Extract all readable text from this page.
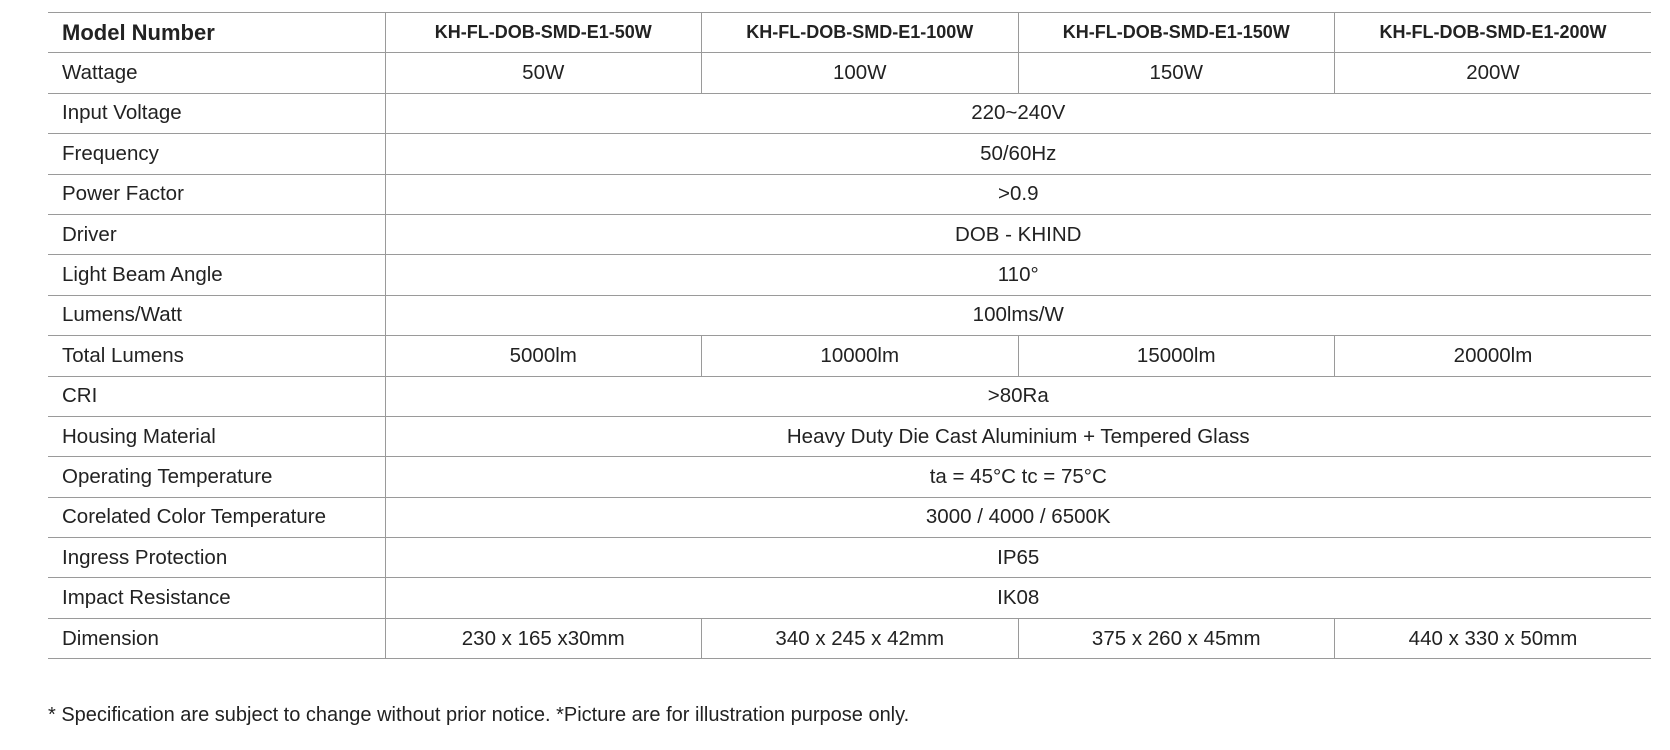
Model Number	KH-FL-DOB-SMD-E1-50W	KH-FL-DOB-SMD-E1-100W	KH-FL-DOB-SMD-E1-150W	KH-FL-DOB-SMD-E1-200W
Wattage	50W	100W	150W	200W
Input Voltage	220~240V			
Frequency	50/60Hz			
Power Factor	>0.9			
Driver	DOB - KHIND			
Light Beam Angle	110°			
Lumens/Watt	100lms/W			
Total Lumens	5000lm	10000lm	15000lm	20000lm
CRI	>80Ra			
Housing Material	Heavy Duty Die Cast Aluminium + Tempered Glass			
Operating Temperature	ta = 45°C tc = 75°C			
Corelated Color Temperature	3000 / 4000 / 6500K			
Ingress Protection	IP65			
Impact Resistance	IK08			
Dimension	230 x 165 x30mm	340 x 245 x 42mm	375 x 260 x 45mm	440 x 330 x 50mm
* Specification are subject to change without prior notice. *Picture are for illustration purpose only.
